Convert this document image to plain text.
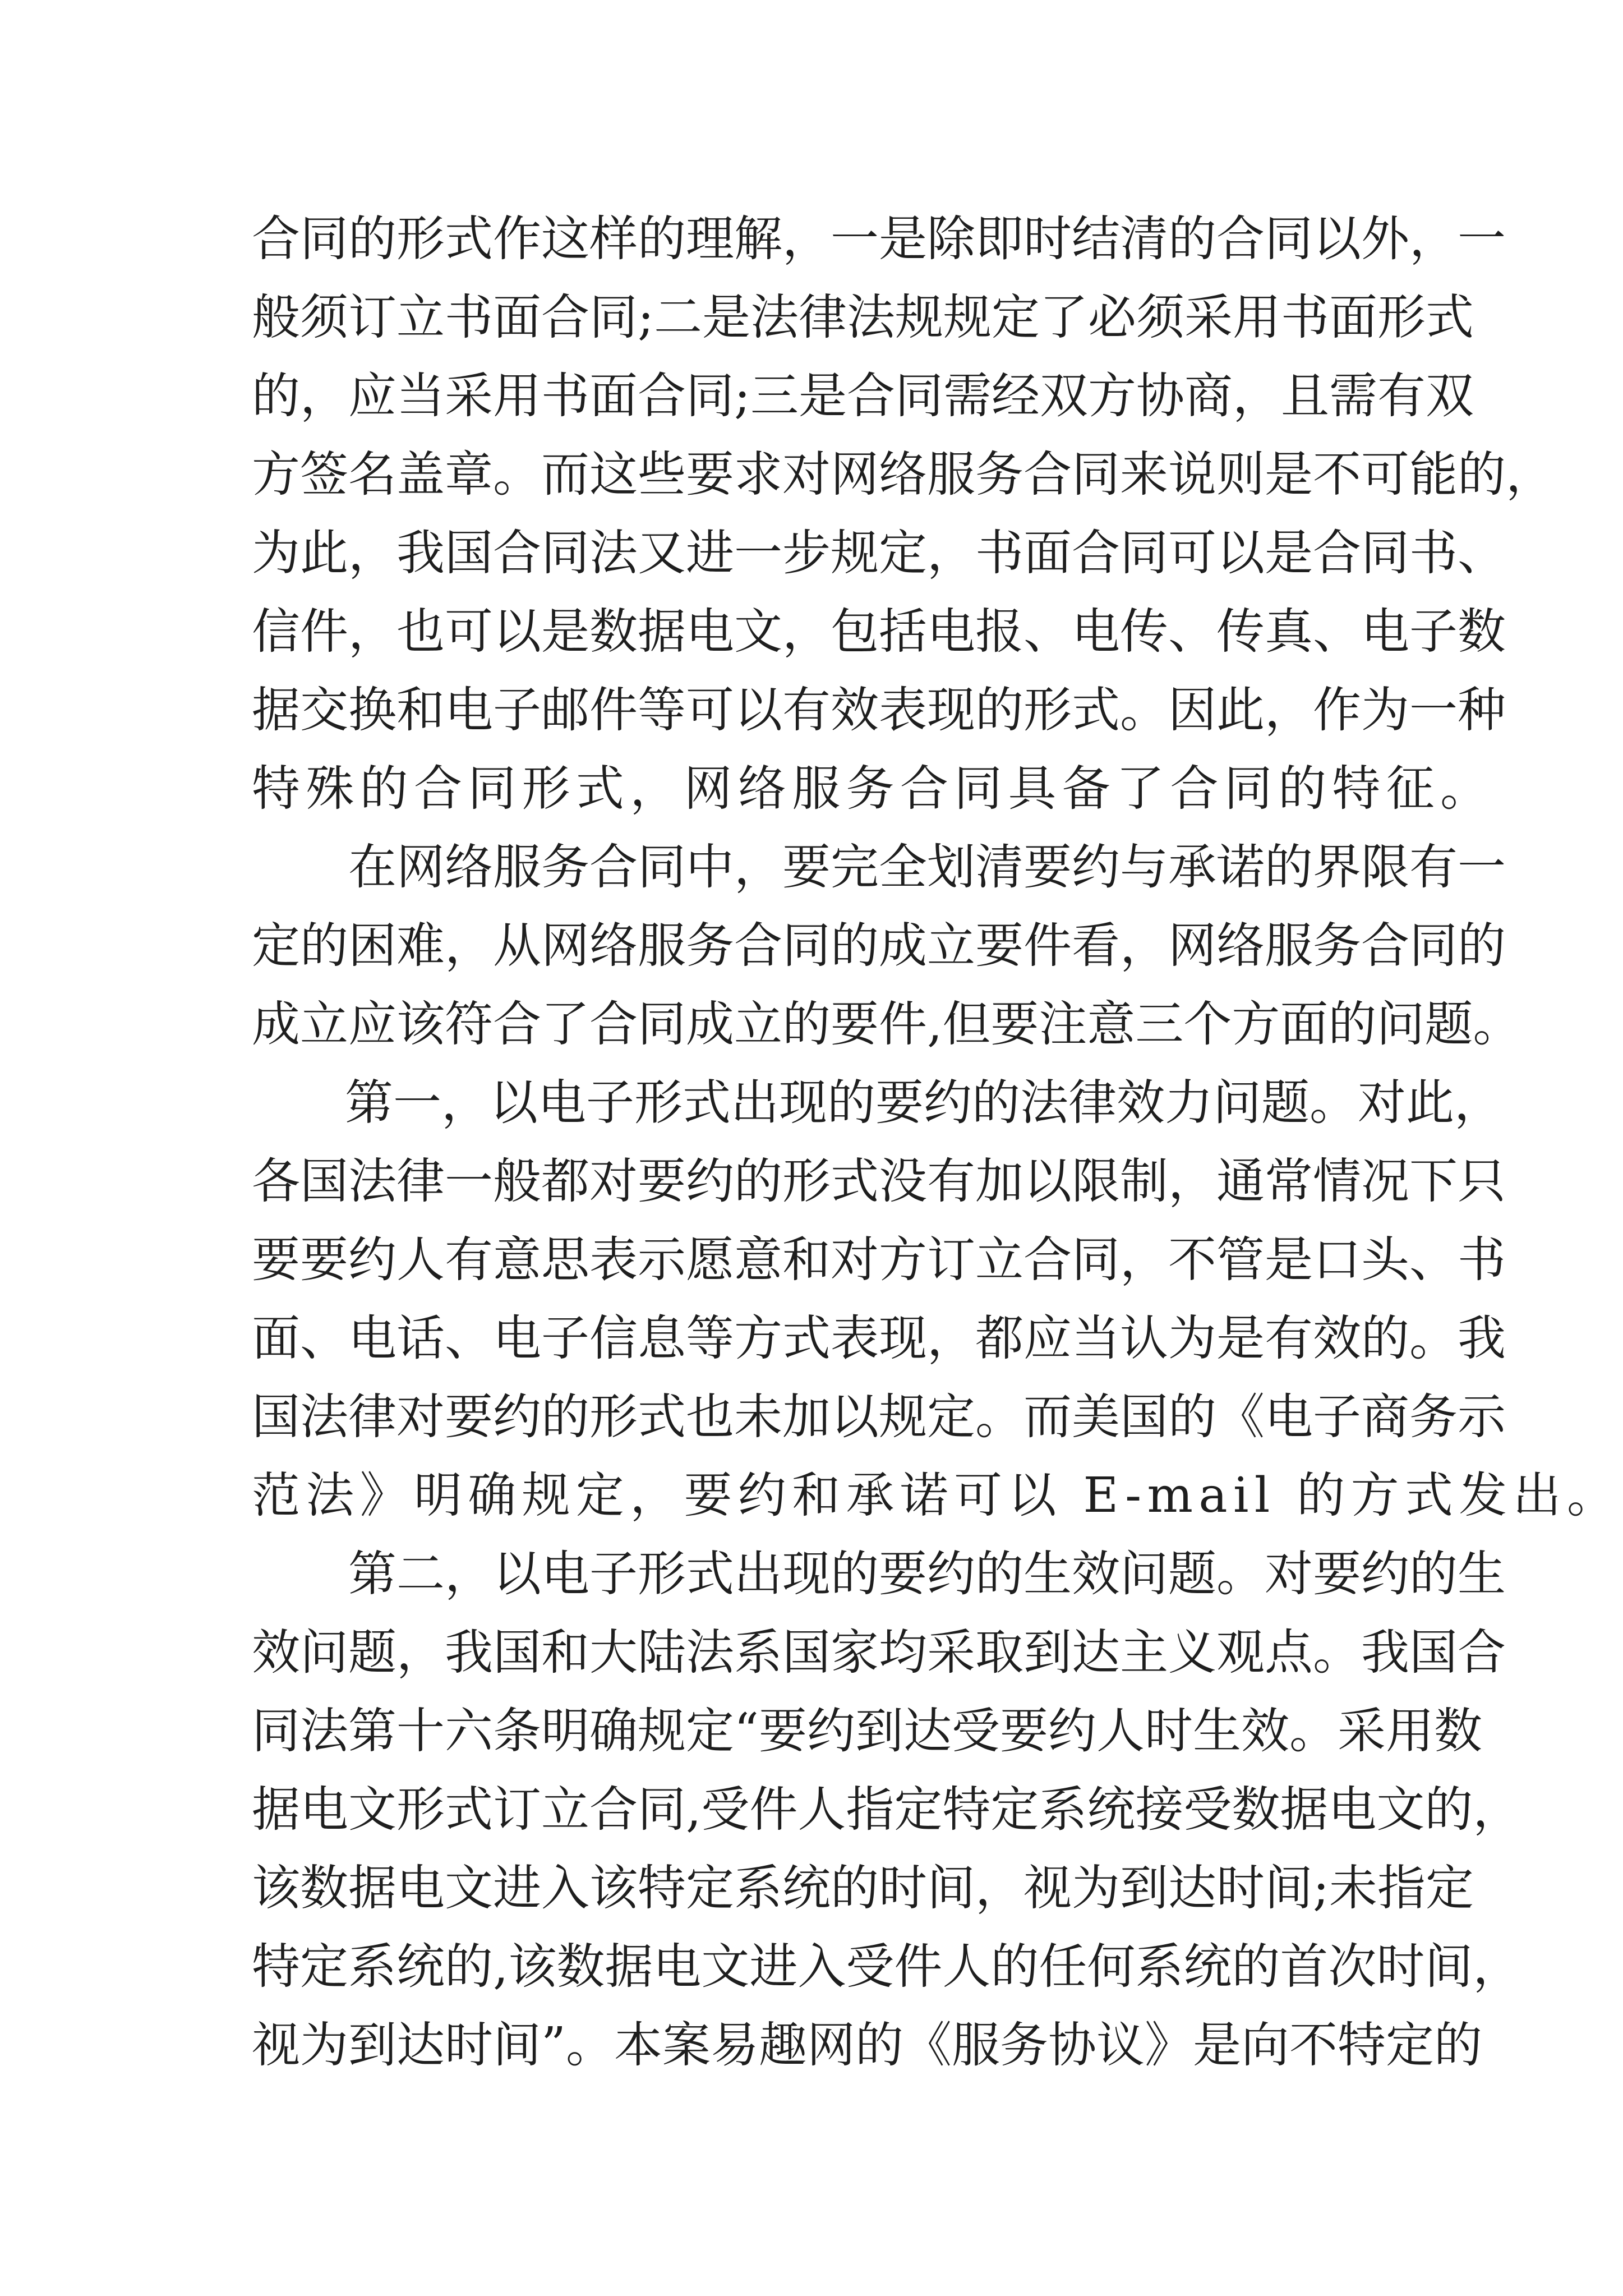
合同的形式作这样的理解，一是除即时结清的合同以外，一
般须订立书面合同;二是法律法规规定了必须采用书面形式
的，应当采用书面合同;三是合同需经双方协商，且需有双
方签名盖章。而这些要求对网络服务合同来说则是不可能的，
为此，我国合同法又进一步规定，书面合同可以是合同书、
信件，也可以是数据电文，包括电报、电传、传真、电子数
据交换和电子邮件等可以有效表现的形式。因此，作为一种
特殊的合同形式，网络服务合同具备了合同的特征。
在网络服务合同中，要完全划清要约与承诺的界限有一
定的困难，从网络服务合同的成立要件看，网络服务合同的
成立应该符合了合同成立的要件,但要注意三个方面的问题。
第一，以电子形式出现的要约的法律效力问题。对此，
各国法律一般都对要约的形式没有加以限制，通常情况下只
要要约人有意思表示愿意和对方订立合同，不管是口头、书
面、电话、电子信息等方式表现，都应当认为是有效的。我
国法律对要约的形式也未加以规定。而美国的《电子商务示
范法》明确规定，要约和承诺可以 E-mail 的方式发出。
第二，以电子形式出现的要约的生效问题。对要约的生
效问题，我国和大陆法系国家均采取到达主义观点。我国合
同法第十六条明确规定“要约到达受要约人时生效。采用数
据电文形式订立合同,受件人指定特定系统接受数据电文的，
该数据电文进入该特定系统的时间，视为到达时间;未指定
特定系统的,该数据电文进入受件人的任何系统的首次时间，
视为到达时间”。本案易趣网的《服务协议》是向不特定的
